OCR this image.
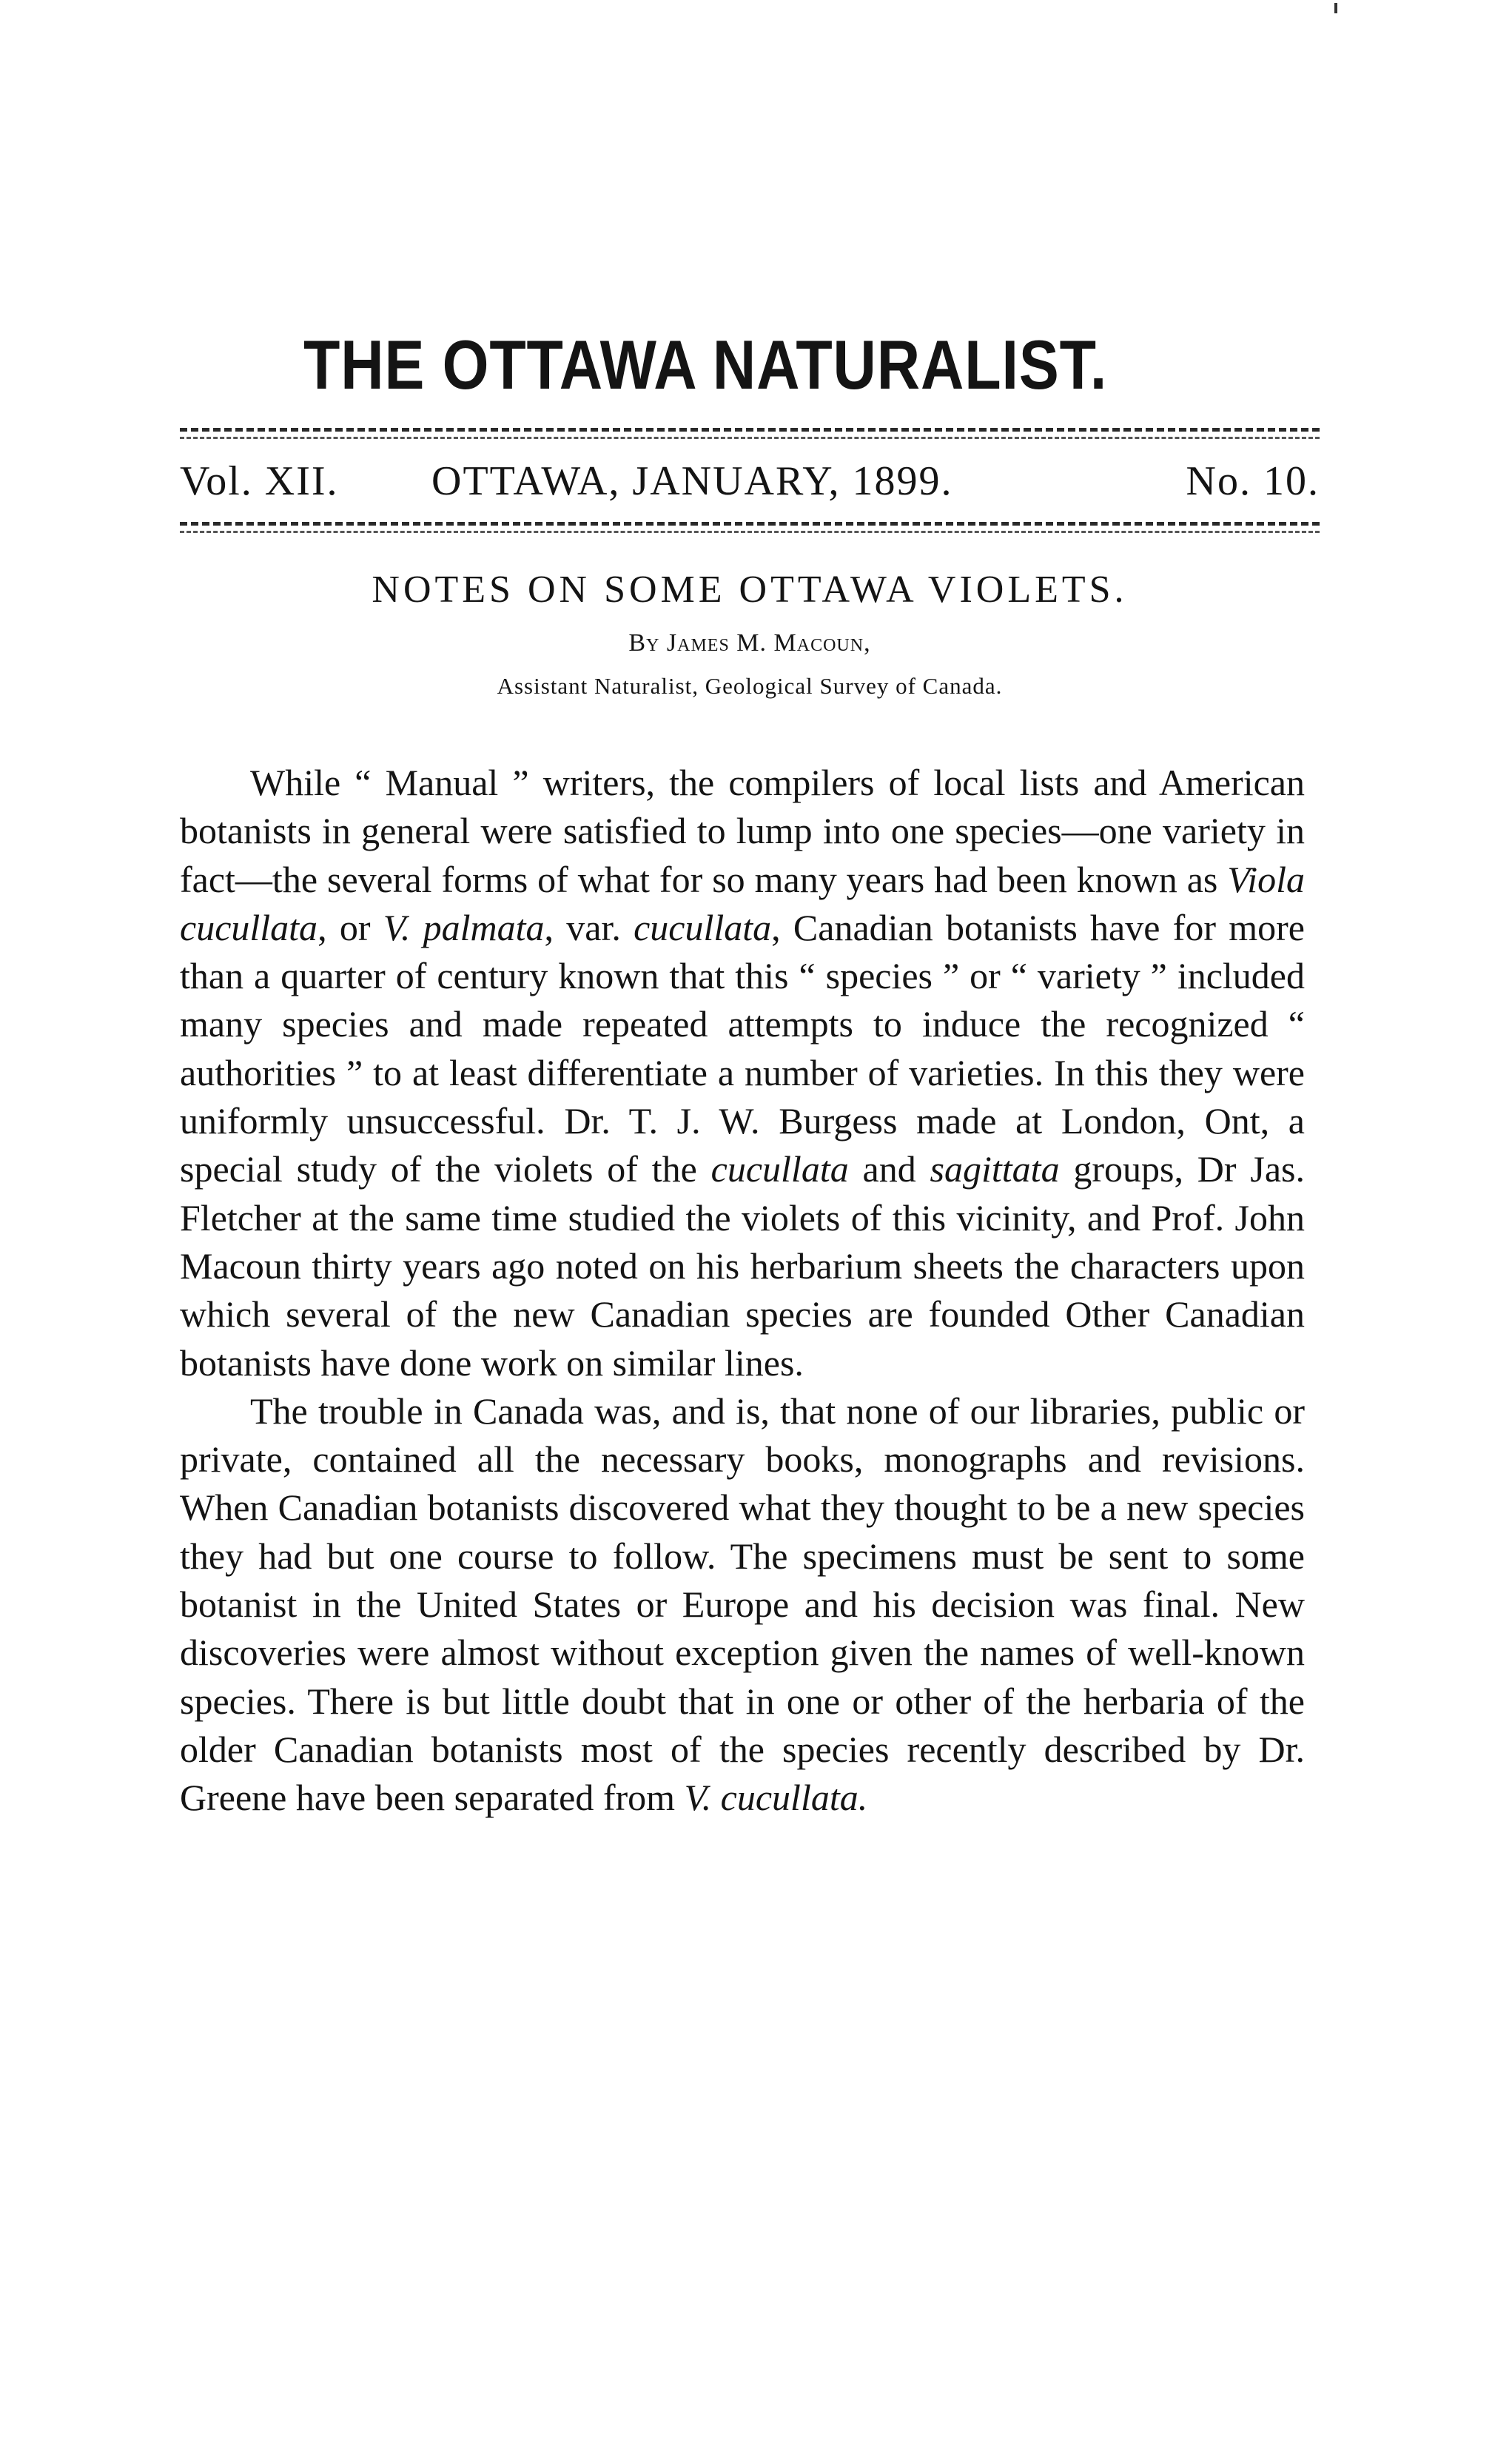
THE OTTAWA NATURALIST.
Vol. XII. OTTAWA, JANUARY, 1899.	No. 10.
NOTES ON SOME OTTAWA VIOLETS.
By James M. Macoun,
Assistant Naturalist, Geological Survey of Canada.

While “ Manual ” writers, the compilers of local lists and American botanists in general were satisfied to lump into one species—one variety in fact—the several forms of what for so many years had been known as Viola cucullata, or V. palmata, var. cucullata, Canadian botanists have for more than a quarter of century known that this “ species ” or “ variety ” included many species and made repeated attempts to induce the recognized “ authorities ” to at least differentiate a number of varieties. In this they were uniformly unsuccessful. Dr. T. J. W. Burgess made at London, Ont, a special study of the violets of the cucullata and sagittata groups, Dr Jas. Fletcher at the same time studied the violets of this vicinity, and Prof. John Macoun thirty years ago noted on his herbarium sheets the characters upon which several of the new Canadian species are founded Other Canadian botanists have done work on similar lines.

The trouble in Canada was, and is, that none of our libraries, public or private, contained all the necessary books, monographs and revisions. When Canadian botanists discovered what they thought to be a new species they had but one course to follow. The specimens must be sent to some botanist in the United States or Europe and his decision was final. New discoveries were almost without exception given the names of well-known species. There is but little doubt that in one or other of the herbaria of the older Canadian botanists most of the species recently described by Dr. Greene have been separated from V. cucullata.
